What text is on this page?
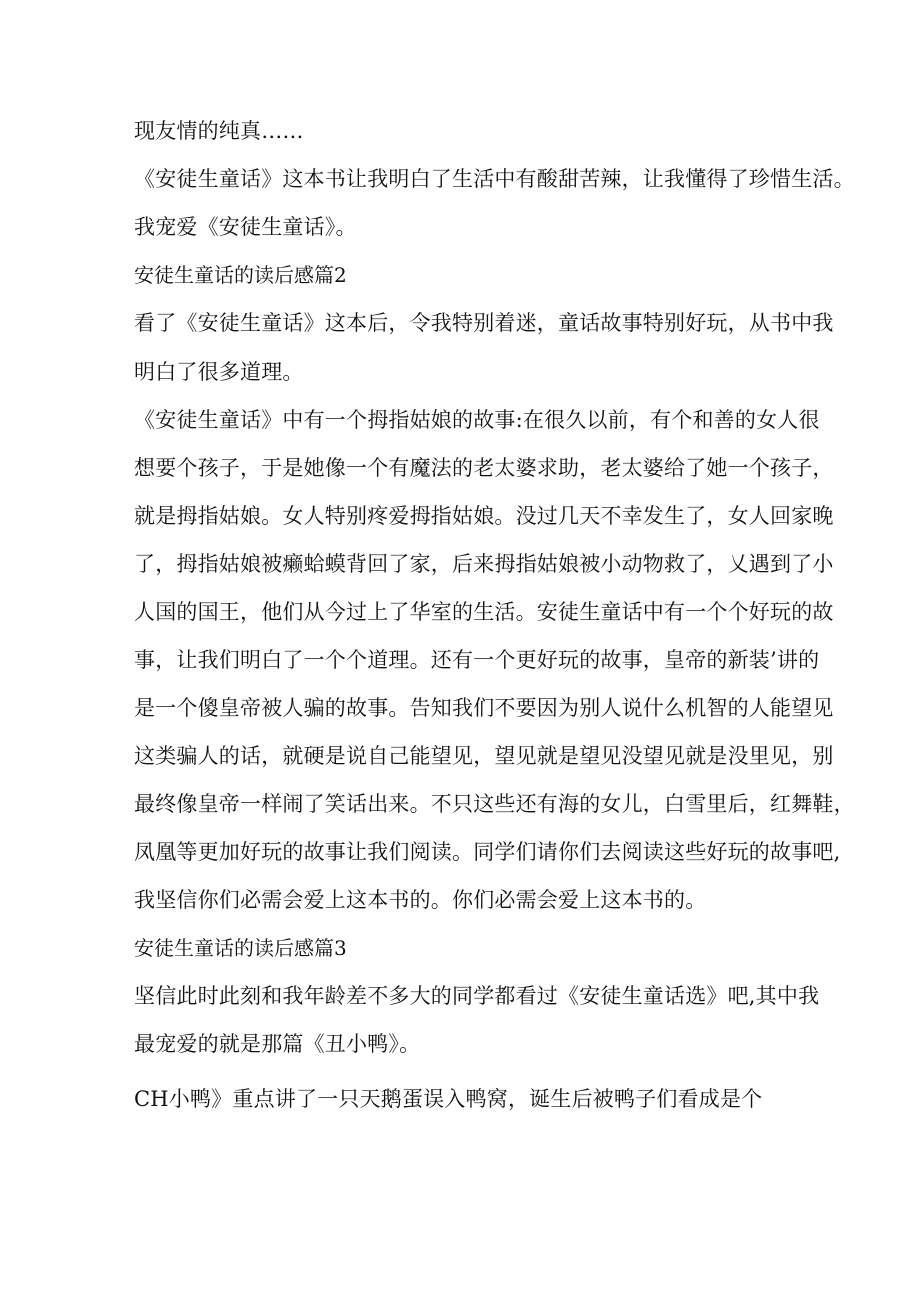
现友情的纯真……
《安徒生童话》这本书让我明白了生活中有酸甜苦辣，让我懂得了珍惜生活。
我宠爱《安徒生童话》。
安徒生童话的读后感篇2
看了《安徒生童话》这本后，令我特别着迷，童话故事特别好玩，从书中我
明白了很多道理。
《安徒生童话》中有一个拇指姑娘的故事:在很久以前，有个和善的女人很
想要个孩子，于是她像一个有魔法的老太婆求助，老太婆给了她一个孩子，
就是拇指姑娘。女人特别疼爱拇指姑娘。没过几天不幸发生了，女人回家晚
了，拇指姑娘被癞蛤蟆背回了家，后来拇指姑娘被小动物救了，乂遇到了小
人国的国王，他们从今过上了华室的生活。安徒生童话中有一个个好玩的故
事，让我们明白了一个个道理。还有一个更好玩的故事，皇帝的新装’讲的
是一个傻皇帝被人骗的故事。告知我们不要因为别人说什么机智的人能望见
这类骗人的话，就硬是说自己能望见，望见就是望见没望见就是没里见，别
最终像皇帝一样闹了笑话出来。不只这些还有海的女儿，白雪里后，红舞鞋，
凤凰等更加好玩的故事让我们阅读。同学们请你们去阅读这些好玩的故事吧,
我坚信你们必需会爱上这本书的。你们必需会爱上这本书的。
安徒生童话的读后感篇3
坚信此时此刻和我年龄差不多大的同学都看过《安徒生童话选》吧,其中我
最宠爱的就是那篇《丑小鸭》。
CH小鸭》重点讲了一只天鹅蛋误入鸭窝，诞生后被鸭子们看成是个
